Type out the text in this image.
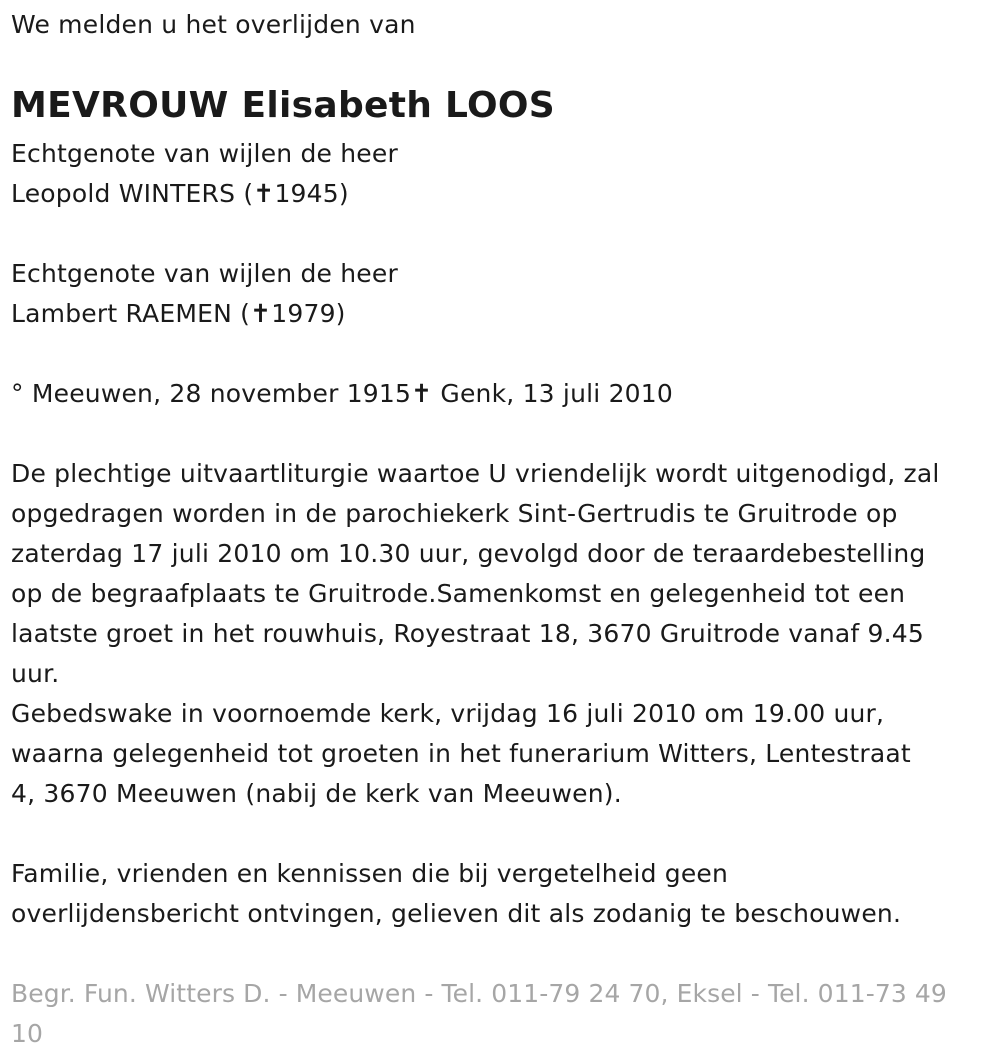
We melden u het overlijden van
MEVROUW Elisabeth LOOS
Echtgenote van wijlen de heer
Leopold WINTERS (✝1945)
Echtgenote van wijlen de heer
Lambert RAEMEN (✝1979)
° Meeuwen, 28 november 1915✝ Genk, 13 juli 2010
De plechtige uitvaartliturgie waartoe U vriendelijk wordt uitgenodigd, zal
opgedragen worden in de parochiekerk Sint-Gertrudis te Gruitrode op
zaterdag 17 juli 2010 om 10.30 uur, gevolgd door de teraardebestelling
op de begraafplaats te Gruitrode.Samenkomst en gelegenheid tot een
laatste groet in het rouwhuis, Royestraat 18, 3670 Gruitrode vanaf 9.45
uur.
Gebedswake in voornoemde kerk, vrijdag 16 juli 2010 om 19.00 uur,
waarna gelegenheid tot groeten in het funerarium Witters, Lentestraat
4, 3670 Meeuwen (nabij de kerk van Meeuwen).
Familie, vrienden en kennissen die bij vergetelheid geen
overlijdensbericht ontvingen, gelieven dit als zodanig te beschouwen.
Begr. Fun. Witters D. - Meeuwen - Tel. 011-79 24 70, Eksel - Tel. 011-73 49
10
